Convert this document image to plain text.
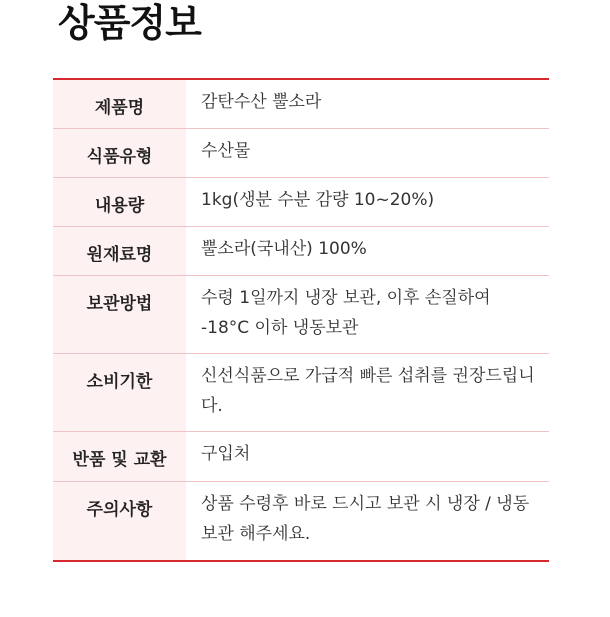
상품정보
제품명	감탄수산 뿔소라
식품유형	수산물
내용량	1kg(생분 수분 감량 10~20%)
원재료명	뿔소라(국내산) 100%
보관방법	수령 1일까지 냉장 보관, 이후 손질하여 -18°C 이하 냉동보관
소비기한	신선식품으로 가급적 빠른 섭취를 권장드립니다.
반품 및 교환	구입처
주의사항	상품 수령후 바로 드시고 보관 시 냉장 / 냉동 보관 해주세요.
